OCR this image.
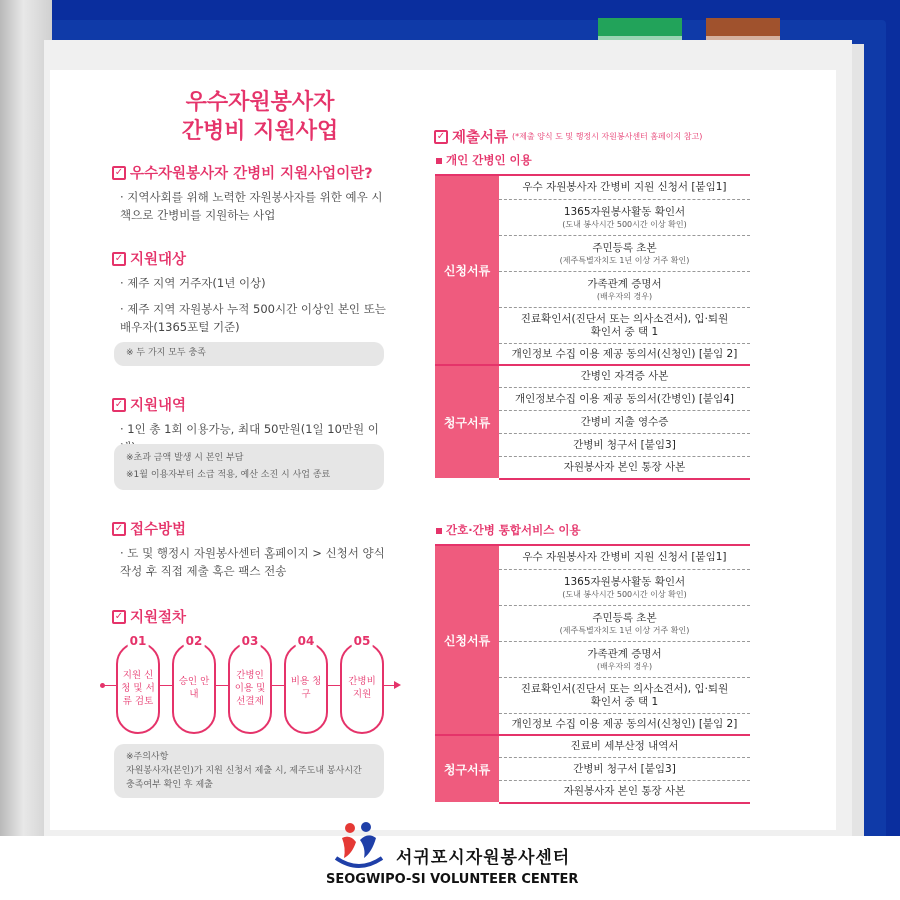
우수자원봉사자
간병비 지원사업
✓ 우수자원봉사자 간병비 지원사업이란?
· 지역사회를 위해 노력한 자원봉사자를 위한 예우 시책으로 간병비를 지원하는 사업
✓ 지원대상
· 제주 지역 거주자(1년 이상)
· 제주 지역 자원봉사 누적 500시간 이상인 본인 또는 배우자(1365포털 기준)
※ 두 가지 모두 충족
✓ 지원내역
· 1인 총 1회 이용가능, 최대 50만원(1일 10만원 이
※초과 금액 발생 시 본인 부담
※1월 이용자부터 소급 적용, 예산 소진 시 사업 종료
✓ 접수방법
· 도 및 행정시 자원봉사센터 홈페이지 > 신청서 양식 작성 후 직접 제출 혹은 팩스 전송
✓ 지원절차
01
지원 신청 및 서류 검토
02
승인 안내
03
간병인 이용 및 선결제
04
비용 청구
05
간병비 지원
※주의사항
자원봉사자(본인)가 지원 신청서 제출 시, 제주도내 봉사시간 충족여부 확인 후 제출
✓ 제출서류 (*제출 양식 도 및 행정시 자원봉사센터 홈페이지 참고)
개인 간병인 이용
신청서류
우수 자원봉사자 간병비 지원 신청서 [붙임1]
1365자원봉사활동 확인서
(도내 봉사시간 500시간 이상 확인)
주민등록 초본
(제주특별자치도 1년 이상 거주 확인)
가족관계 증명서
(배우자의 경우)
진료확인서(진단서 또는 의사소견서), 입·퇴원 확인서 중 택 1
개인정보 수집 이용 제공 동의서(신청인) [붙임 2]
청구서류
간병인 자격증 사본
개인정보수집 이용 제공 동의서(간병인) [붙임4]
간병비 지출 영수증
간병비 청구서 [붙임3]
자원봉사자 본인 통장 사본
간호·간병 통합서비스 이용
신청서류
우수 자원봉사자 간병비 지원 신청서 [붙임1]
1365자원봉사활동 확인서
(도내 봉사시간 500시간 이상 확인)
주민등록 초본
(제주특별자치도 1년 이상 거주 확인)
가족관계 증명서
(배우자의 경우)
진료확인서(진단서 또는 의사소견서), 입·퇴원 확인서 중 택 1
개인정보 수집 이용 제공 동의서(신청인) [붙임 2]
청구서류
진료비 세부산정 내역서
간병비 청구서 [붙임3]
자원봉사자 본인 통장 사본
서귀포시자원봉사센터
SEOGWIPO-SI VOLUNTEER CENTER
